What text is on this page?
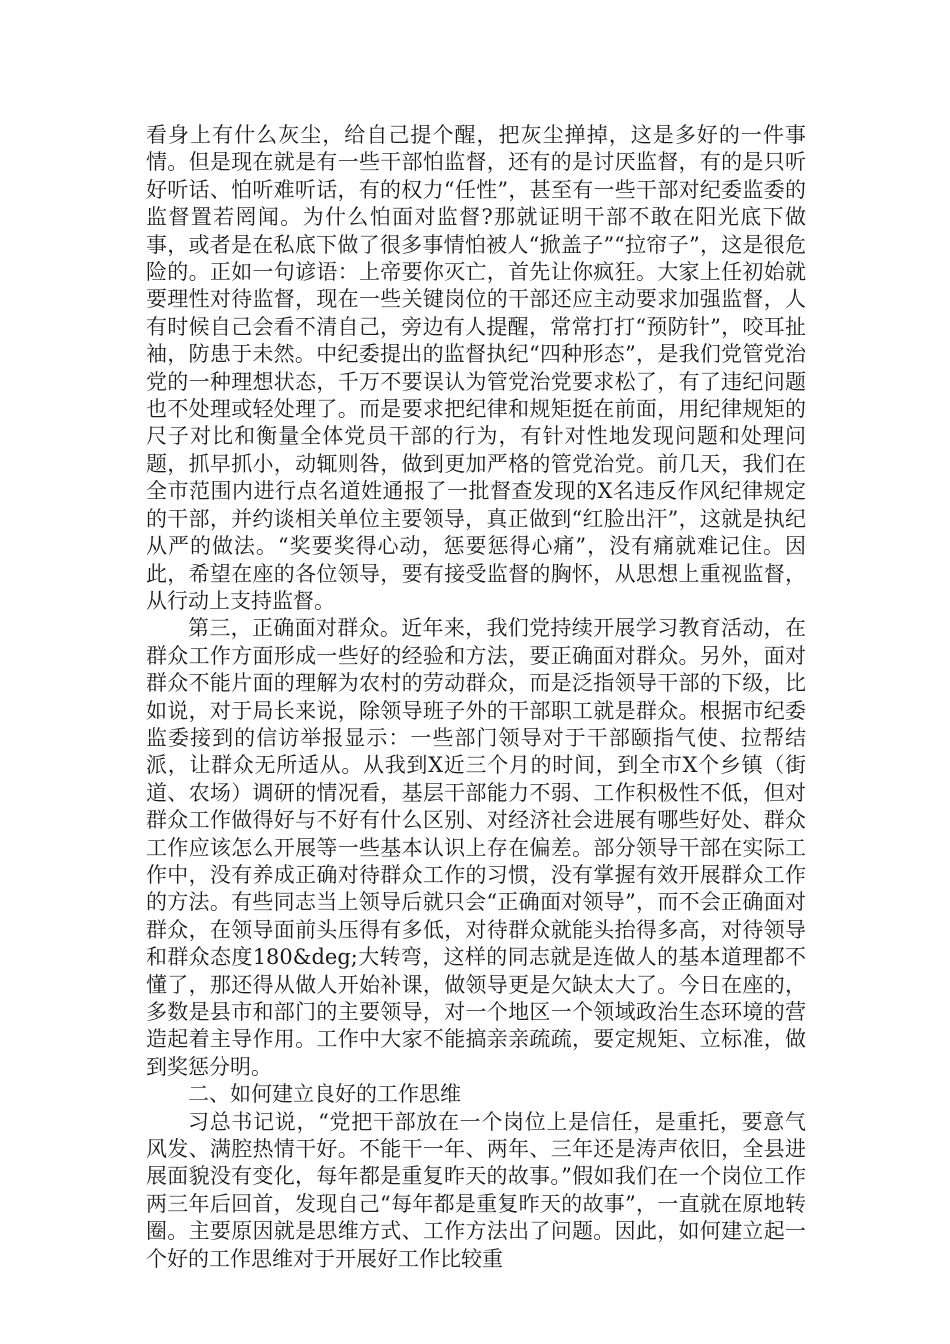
看身上有什么灰尘，给自己提个醒，把灰尘掸掉，这是多好的一件事情。但是现在就是有一些干部怕监督，还有的是讨厌监督，有的是只听好听话、怕听难听话，有的权力“任性”，甚至有一些干部对纪委监委的监督置若罔闻。为什么怕面对监督?那就证明干部不敢在阳光底下做事，或者是在私底下做了很多事情怕被人“掀盖子”“拉帘子”，这是很危险的。正如一句谚语：上帝要你灭亡，首先让你疯狂。大家上任初始就要理性对待监督，现在一些关键岗位的干部还应主动要求加强监督，人有时候自己会看不清自己，旁边有人提醒，常常打打“预防针”，咬耳扯袖，防患于未然。中纪委提出的监督执纪“四种形态”，是我们党管党治党的一种理想状态，千万不要误认为管党治党要求松了，有了违纪问题也不处理或轻处理了。而是要求把纪律和规矩挺在前面，用纪律规矩的尺子对比和衡量全体党员干部的行为，有针对性地发现问题和处理问题，抓早抓小，动辄则咎，做到更加严格的管党治党。前几天，我们在全市范围内进行点名道姓通报了一批督查发现的X名违反作风纪律规定的干部，并约谈相关单位主要领导，真正做到“红脸出汗”，这就是执纪从严的做法。“奖要奖得心动，惩要惩得心痛”，没有痛就难记住。因此，希望在座的各位领导，要有接受监督的胸怀，从思想上重视监督，从行动上支持监督。

第三，正确面对群众。近年来，我们党持续开展学习教育活动，在群众工作方面形成一些好的经验和方法，要正确面对群众。另外，面对群众不能片面的理解为农村的劳动群众，而是泛指领导干部的下级，比如说，对于局长来说，除领导班子外的干部职工就是群众。根据市纪委监委接到的信访举报显示：一些部门领导对于干部颐指气使、拉帮结派，让群众无所适从。从我到X近三个月的时间，到全市X个乡镇（街道、农场）调研的情况看，基层干部能力不弱、工作积极性不低，但对群众工作做得好与不好有什么区别、对经济社会进展有哪些好处、群众工作应该怎么开展等一些基本认识上存在偏差。部分领导干部在实际工作中，没有养成正确对待群众工作的习惯，没有掌握有效开展群众工作的方法。有些同志当上领导后就只会“正确面对领导”，而不会正确面对群众，在领导面前头压得有多低，对待群众就能头抬得多高，对待领导和群众态度180&deg;大转弯，这样的同志就是连做人的基本道理都不懂了，那还得从做人开始补课，做领导更是欠缺太大了。今日在座的，多数是县市和部门的主要领导，对一个地区一个领域政治生态环境的营造起着主导作用。工作中大家不能搞亲亲疏疏，要定规矩、立标准，做到奖惩分明。

二、如何建立良好的工作思维

习总书记说，“党把干部放在一个岗位上是信任，是重托，要意气风发、满腔热情干好。不能干一年、两年、三年还是涛声依旧，全县进展面貌没有变化，每年都是重复昨天的故事。”假如我们在一个岗位工作两三年后回首，发现自己“每年都是重复昨天的故事”，一直就在原地转圈。主要原因就是思维方式、工作方法出了问题。因此，如何建立起一个好的工作思维对于开展好工作比较重
